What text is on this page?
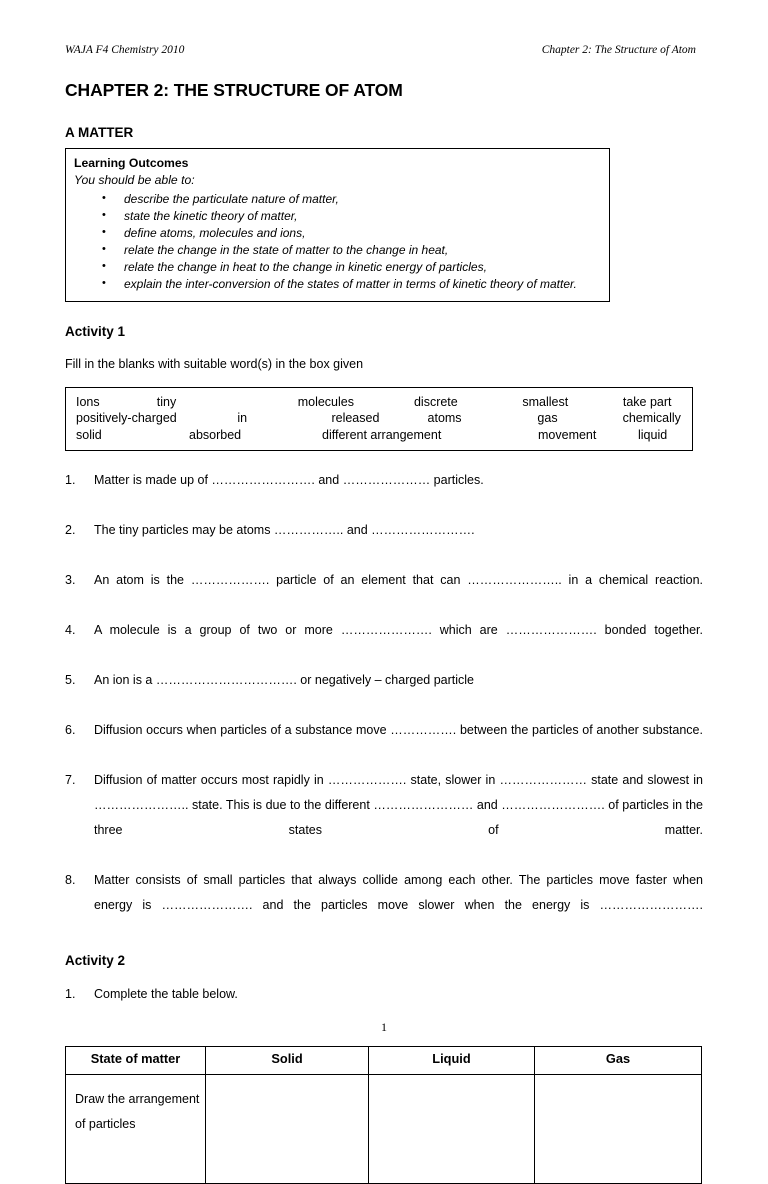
WAJA F4 Chemistry 2010	Chapter 2: The Structure of Atom
CHAPTER 2: THE STRUCTURE OF ATOM
A MATTER
Learning Outcomes
You should be able to:
• describe the particulate nature of matter,
• state the kinetic theory of matter,
• define atoms, molecules and ions,
• relate the change in the state of matter to the change in heat,
• relate the change in heat to the change in kinetic energy of particles,
• explain the inter-conversion of the states of matter in terms of kinetic theory of matter.
Activity 1

Fill in the blanks with suitable word(s) in the box given

Ions	tiny	molecules	discrete	smallest	take part
positively-charged	in	released	atoms	gas	chemically
solid	absorbed	different arrangement	movement	liquid
1.	Matter is made up of ……………………. and ………………… particles.
2.	The tiny particles may be atoms …………….. and …………………….
3.	An atom is the ………………. particle of an element that can ………………….. in a chemical reaction.
4.	A molecule is a group of two or more …………………. which are …………………. bonded together.
5.	An ion is a ……………………………. or negatively – charged particle
6.	Diffusion occurs when particles of a substance move ……………. between the particles of another substance.
7.	Diffusion of matter occurs most rapidly in ………………. state, slower in ………………… state and slowest in ………………….. state. This is due to the different …………………… and ……………………. of particles in the three states of matter.
8.	Matter consists of small particles that always collide among each other. The particles move faster when energy is …………………. and the particles move slower when the energy is …………………….
Activity 2
1.	Complete the table below.
State of matter	Solid	Liquid	Gas
Draw the arrangement of particles			
1
